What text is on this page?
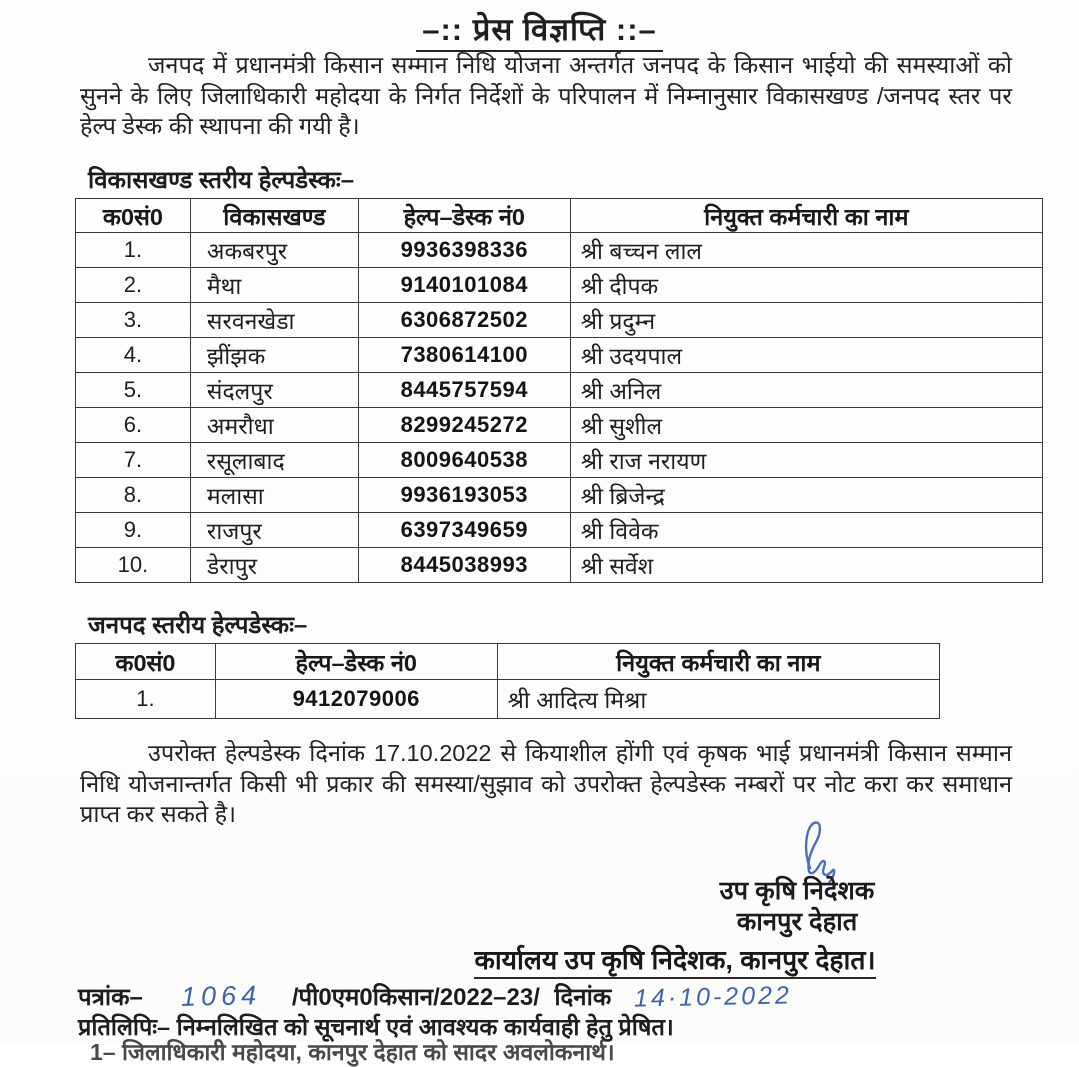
–:: प्रेस विज्ञप्ति ::–
जनपद में प्रधानमंत्री किसान सम्मान निधि योजना अन्तर्गत जनपद के किसान भाईयो की समस्याओं को सुनने के लिए जिलाधिकारी महोदया के निर्गत निर्देशों के परिपालन में निम्नानुसार विकासखण्ड /जनपद स्तर पर हेल्प डेस्क की स्थापना की गयी है।
विकासखण्ड स्तरीय हेल्पडेस्कः–
क0सं0	विकासखण्ड	हेल्प–डेस्क नं0	नियुक्त कर्मचारी का नाम
1.	अकबरपुर	9936398336	श्री बच्चन लाल
2.	मैथा	9140101084	श्री दीपक
3.	सरवनखेडा	6306872502	श्री प्रदुम्न
4.	झींझक	7380614100	श्री उदयपाल
5.	संदलपुर	8445757594	श्री अनिल
6.	अमरौधा	8299245272	श्री सुशील
7.	रसूलाबाद	8009640538	श्री राज नरायण
8.	मलासा	9936193053	श्री ब्रिजेन्द्र
9.	राजपुर	6397349659	श्री विवेक
10.	डेरापुर	8445038993	श्री सर्वेश
जनपद स्तरीय हेल्पडेस्कः–
क0सं0	हेल्प–डेस्क नं0	नियुक्त कर्मचारी का नाम
1.	9412079006	श्री आदित्य मिश्रा
उपरोक्त हेल्पडेस्क दिनांक 17.10.2022 से कियाशील होंगी एवं कृषक भाई प्रधानमंत्री किसान सम्मान निधि योजनान्तर्गत किसी भी प्रकार की समस्या/सुझाव को उपरोक्त हेल्पडेस्क नम्बरों पर नोट करा कर समाधान प्राप्त कर सकते है।
उप कृषि निदेशक
कानपुर देहात
कार्यालय उप कृषि निदेशक, कानपुर देहात।
पत्रांक– 1064 /पी0एम0किसान/2022–23/ दिनांक 14·10-2022
प्रतिलिपिः– निम्नलिखित को सूचनार्थ एवं आवश्यक कार्यवाही हेतु प्रेषित।
1– जिलाधिकारी महोदया, कानपुर देहात को सादर अवलोकनार्थ।
